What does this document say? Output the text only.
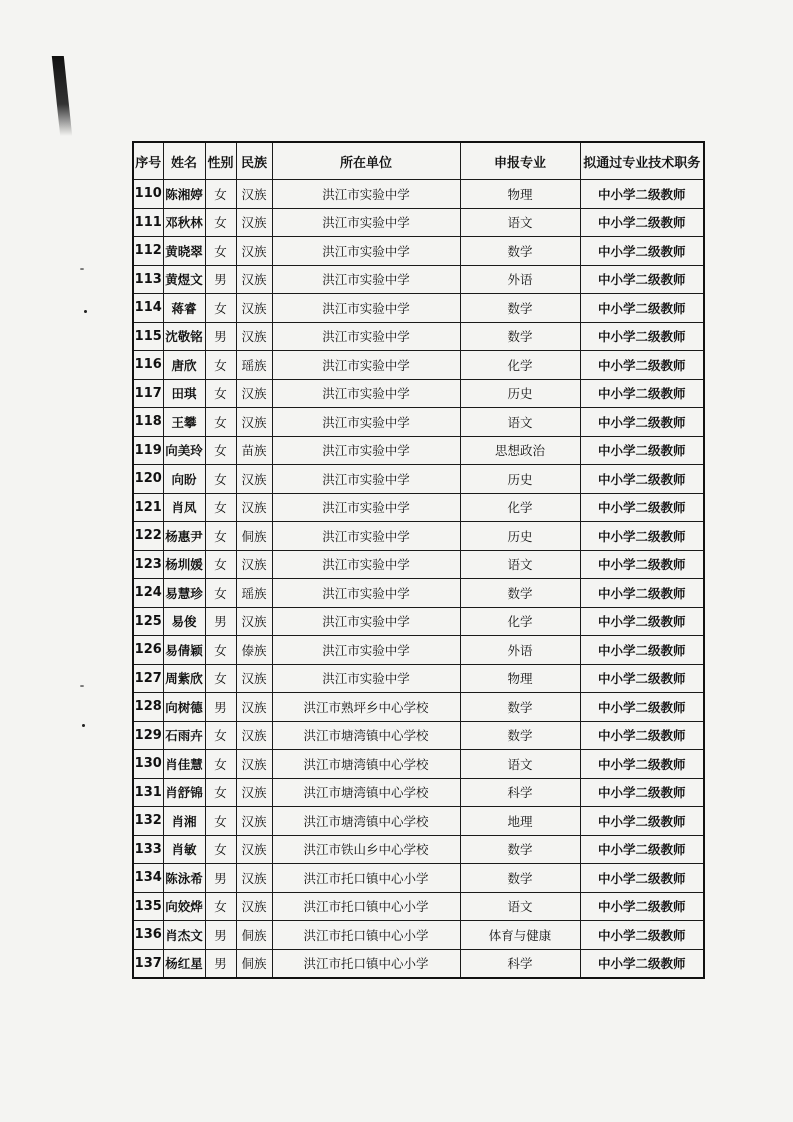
序号	姓名	性别	民族	所在单位	申报专业	拟通过专业技术职务
110	陈湘婷	女	汉族	洪江市实验中学	物理	中小学二级教师
111	邓秋林	女	汉族	洪江市实验中学	语文	中小学二级教师
112	黄晓翠	女	汉族	洪江市实验中学	数学	中小学二级教师
113	黄煜文	男	汉族	洪江市实验中学	外语	中小学二级教师
114	蒋睿	女	汉族	洪江市实验中学	数学	中小学二级教师
115	沈敬铭	男	汉族	洪江市实验中学	数学	中小学二级教师
116	唐欣	女	瑶族	洪江市实验中学	化学	中小学二级教师
117	田琪	女	汉族	洪江市实验中学	历史	中小学二级教师
118	王攀	女	汉族	洪江市实验中学	语文	中小学二级教师
119	向美玲	女	苗族	洪江市实验中学	思想政治	中小学二级教师
120	向盼	女	汉族	洪江市实验中学	历史	中小学二级教师
121	肖凤	女	汉族	洪江市实验中学	化学	中小学二级教师
122	杨惠尹	女	侗族	洪江市实验中学	历史	中小学二级教师
123	杨圳媛	女	汉族	洪江市实验中学	语文	中小学二级教师
124	易慧珍	女	瑶族	洪江市实验中学	数学	中小学二级教师
125	易俊	男	汉族	洪江市实验中学	化学	中小学二级教师
126	易倩颖	女	傣族	洪江市实验中学	外语	中小学二级教师
127	周紫欣	女	汉族	洪江市实验中学	物理	中小学二级教师
128	向树德	男	汉族	洪江市熟坪乡中心学校	数学	中小学二级教师
129	石雨卉	女	汉族	洪江市塘湾镇中心学校	数学	中小学二级教师
130	肖佳慧	女	汉族	洪江市塘湾镇中心学校	语文	中小学二级教师
131	肖舒锦	女	汉族	洪江市塘湾镇中心学校	科学	中小学二级教师
132	肖湘	女	汉族	洪江市塘湾镇中心学校	地理	中小学二级教师
133	肖敏	女	汉族	洪江市铁山乡中心学校	数学	中小学二级教师
134	陈泳希	男	汉族	洪江市托口镇中心小学	数学	中小学二级教师
135	向姣烨	女	汉族	洪江市托口镇中心小学	语文	中小学二级教师
136	肖杰文	男	侗族	洪江市托口镇中心小学	体育与健康	中小学二级教师
137	杨红星	男	侗族	洪江市托口镇中心小学	科学	中小学二级教师
